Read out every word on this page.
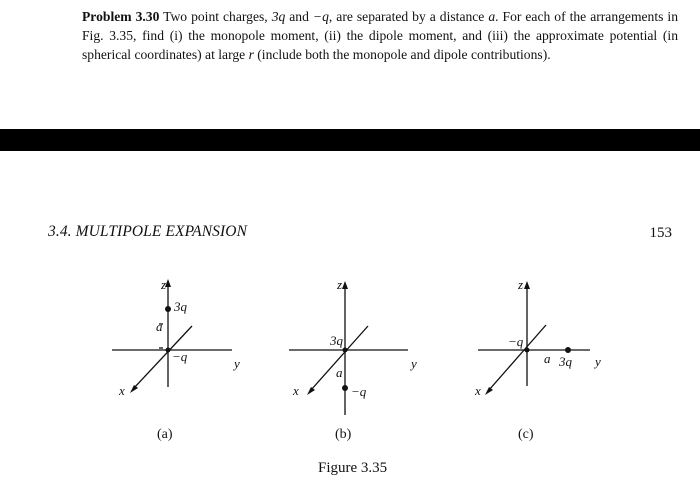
Problem 3.30 Two point charges, 3q and −q, are separated by a distance a. For each of the arrangements in Fig. 3.35, find (i) the monopole moment, (ii) the dipole moment, and (iii) the approximate potential (in spherical coordinates) at large r (include both the monopole and dipole contributions).
3.4. MULTIPOLE EXPANSION	153
z
3q
a
−q	y
x
z
3q
a
−q
y
x
z
−q
a 3q y
x
(a)	(b)	(c)
Figure 3.35
